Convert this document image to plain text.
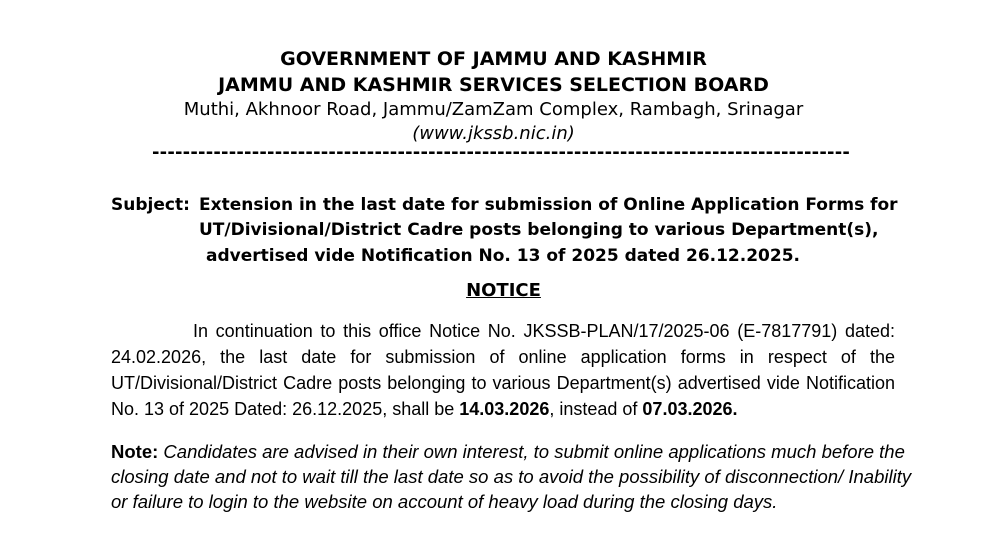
GOVERNMENT OF JAMMU AND KASHMIR
JAMMU AND KASHMIR SERVICES SELECTION BOARD
Muthi, Akhnoor Road, Jammu/ZamZam Complex, Rambagh, Srinagar
(www.jkssb.nic.in)
-------------------------------------------------------------------------------------------
Subject: Extension in the last date for submission of Online Application Forms for
UT/Divisional/District Cadre posts belonging to various Department(s),
advertised vide Notification No. 13 of 2025 dated 26.12.2025.
NOTICE
In continuation to this office Notice No. JKSSB-PLAN/17/2025-06 (E-7817791) dated:
24.02.2026, the last date for submission of online application forms in respect of the
UT/Divisional/District Cadre posts belonging to various Department(s) advertised vide Notification
No. 13 of 2025 Dated: 26.12.2025, shall be 14.03.2026, instead of 07.03.2026.
Note: Candidates are advised in their own interest, to submit online applications much before the
closing date and not to wait till the last date so as to avoid the possibility of disconnection/ Inability
or failure to login to the website on account of heavy load during the closing days.
